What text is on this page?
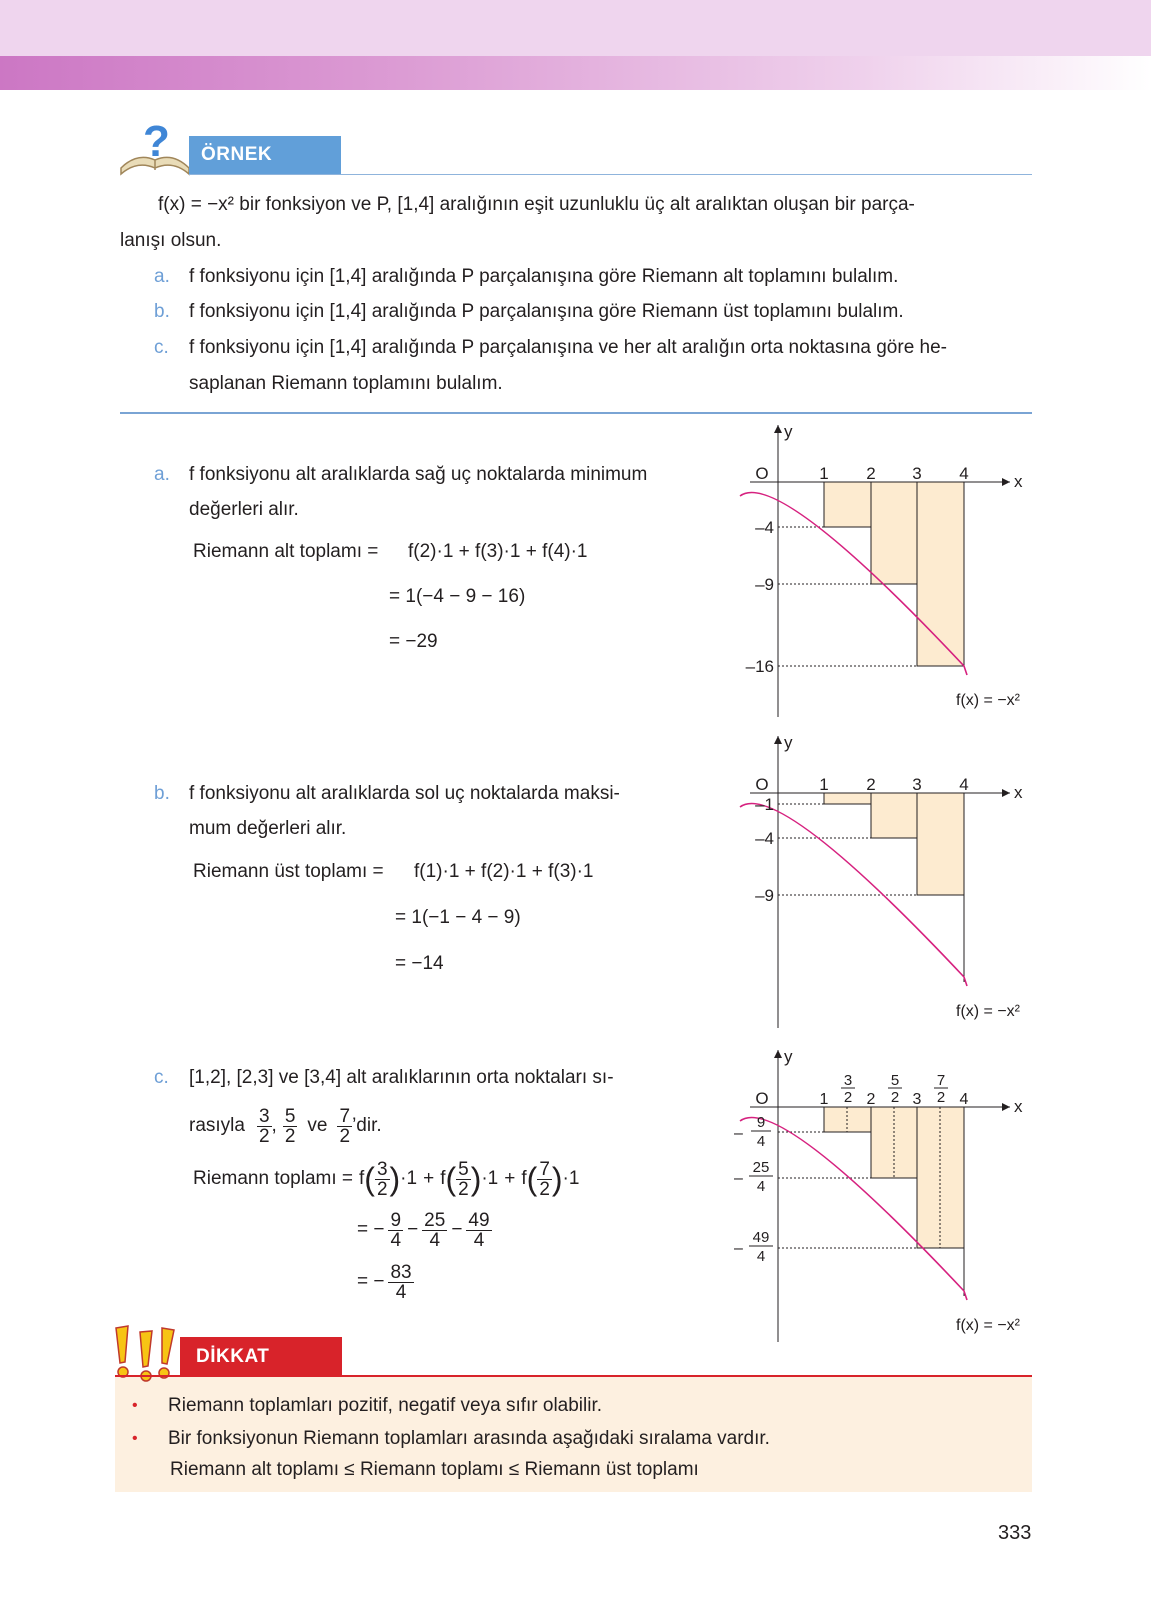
? ÖRNEK
f(x) = −x² bir fonksiyon ve P, [1,4] aralığının eşit uzunluklu üç alt aralıktan oluşan bir parça-
lanışı olsun.
a. f fonksiyonu için [1,4] aralığında P parçalanışına göre Riemann alt toplamını bulalım.
b. f fonksiyonu için [1,4] aralığında P parçalanışına göre Riemann üst toplamını bulalım.
c. f fonksiyonu için [1,4] aralığında P parçalanışına ve her alt aralığın orta noktasına göre he-
saplanan Riemann toplamını bulalım.
a. f fonksiyonu alt aralıklarda sağ uç noktalarda minimum
değerleri alır.
Riemann alt toplamı = f(2)·1 + f(3)·1 + f(4)·1
= 1(−4 − 9 − 16)
= −29
b. f fonksiyonu alt aralıklarda sol uç noktalarda maksi-
mum değerleri alır.
Riemann üst toplamı = f(1)·1 + f(2)·1 + f(3)·1
= 1(−1 − 4 − 9)
= −14
c. [1,2], [2,3] ve [3,4] alt aralıklarının orta noktaları sı-
rasıyla $\frac{3}{2}$ , $\frac{5}{2}$ ve $\frac{7}{2}$ ’dir.
Riemann toplamı = f ( $\frac{3}{2}$ ) ·1 + f ( $\frac{5}{2}$ ) ·1 + f ( $\frac{7}{2}$ ) ·1
= − $\frac{9}{4} - \frac{25}{4} - \frac{49}{4}$
= − $\frac{83}{4}$
y
x
O	1 2 3 4
–4
–9
–16
f(x) = −x²
y
x
O	1 2 3 4
–1
–4
–9
f(x) = −x²
y
x
O	1 2 3 4
3
2
5
2
7
2
–
9
4
–
25
4
–
49
4
f(x) = −x²
DİKKAT
• Riemann toplamları pozitif, negatif veya sıfır olabilir.
• Bir fonksiyonun Riemann toplamları arasında aşağıdaki sıralama vardır.
Riemann alt toplamı ≤ Riemann toplamı ≤ Riemann üst toplamı
333
